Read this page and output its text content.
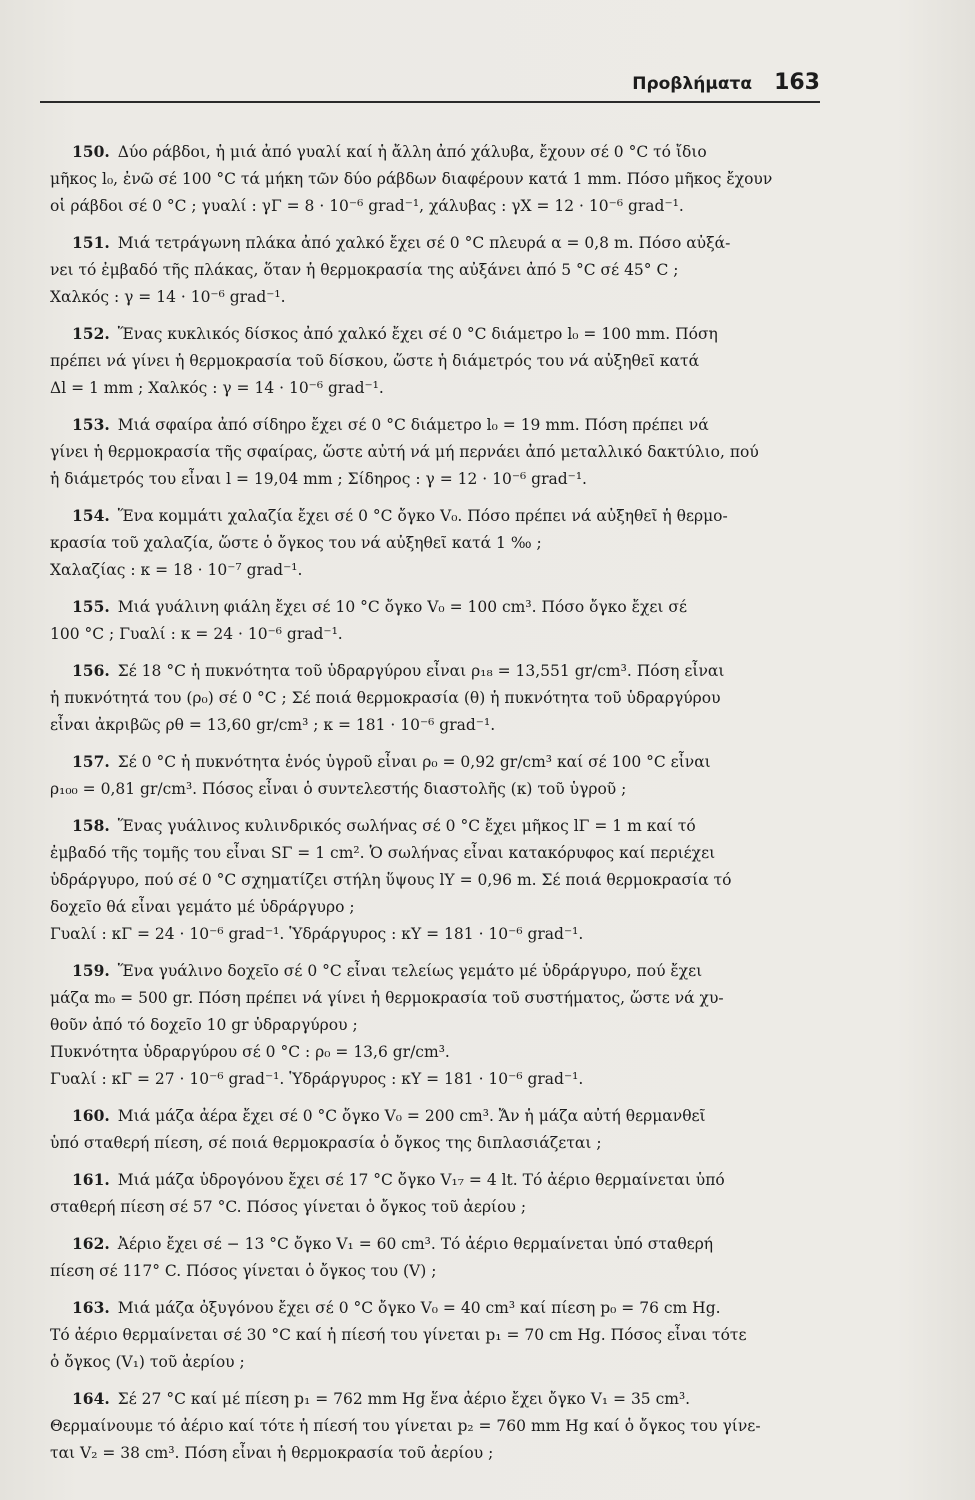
Προβλήματα 163
150. Δύο ράβδοι, ἡ μιά ἀπό γυαλί καί ἡ ἄλλη ἀπό χάλυβα, ἔχουν σέ 0 °C τό ἴδιο
μῆκος l₀, ἐνῶ σέ 100 °C τά μήκη τῶν δύο ράβδων διαφέρουν κατά 1 mm. Πόσο μῆκος ἔχουν
οἱ ράβδοι σέ 0 °C ; γυαλί : γΓ = 8 · 10⁻⁶ grad⁻¹, χάλυβας : γΧ = 12 · 10⁻⁶ grad⁻¹.
151. Μιά τετράγωνη πλάκα ἀπό χαλκό ἔχει σέ 0 °C πλευρά α = 0,8 m. Πόσο αὐξά-
νει τό ἐμβαδό τῆς πλάκας, ὅταν ἡ θερμοκρασία της αὐξάνει ἀπό 5 °C σέ 45° C ;
Χαλκός : γ = 14 · 10⁻⁶ grad⁻¹.
152. Ἕνας κυκλικός δίσκος ἀπό χαλκό ἔχει σέ 0 °C διάμετρο l₀ = 100 mm. Πόση
πρέπει νά γίνει ἡ θερμοκρασία τοῦ δίσκου, ὥστε ἡ διάμετρός του νά αὐξηθεῖ κατά
Δl = 1 mm ; Χαλκός : γ = 14 · 10⁻⁶ grad⁻¹.
153. Μιά σφαίρα ἀπό σίδηρο ἔχει σέ 0 °C διάμετρο l₀ = 19 mm. Πόση πρέπει νά
γίνει ἡ θερμοκρασία τῆς σφαίρας, ὥστε αὐτή νά μή περνάει ἀπό μεταλλικό δακτύλιο, πού
ἡ διάμετρός του εἶναι l = 19,04 mm ; Σίδηρος : γ = 12 · 10⁻⁶ grad⁻¹.
154. Ἕνα κομμάτι χαλαζία ἔχει σέ 0 °C ὄγκο V₀. Πόσο πρέπει νά αὐξηθεῖ ἡ θερμο-
κρασία τοῦ χαλαζία, ὥστε ὁ ὄγκος του νά αὐξηθεῖ κατά 1 ‰ ;
Χαλαζίας : κ = 18 · 10⁻⁷ grad⁻¹.
155. Μιά γυάλινη φιάλη ἔχει σέ 10 °C ὄγκο V₀ = 100 cm³. Πόσο ὄγκο ἔχει σέ
100 °C ; Γυαλί : κ = 24 · 10⁻⁶ grad⁻¹.
156. Σέ 18 °C ἡ πυκνότητα τοῦ ὑδραργύρου εἶναι ρ₁₈ = 13,551 gr/cm³. Πόση εἶναι
ἡ πυκνότητά του (ρ₀) σέ 0 °C ; Σέ ποιά θερμοκρασία (θ) ἡ πυκνότητα τοῦ ὑδραργύρου
εἶναι ἀκριβῶς ρθ = 13,60 gr/cm³ ; κ = 181 · 10⁻⁶ grad⁻¹.
157. Σέ 0 °C ἡ πυκνότητα ἑνός ὑγροῦ εἶναι ρ₀ = 0,92 gr/cm³ καί σέ 100 °C εἶναι
ρ₁₀₀ = 0,81 gr/cm³. Πόσος εἶναι ὁ συντελεστής διαστολῆς (κ) τοῦ ὑγροῦ ;
158. Ἕνας γυάλινος κυλινδρικός σωλήνας σέ 0 °C ἔχει μῆκος lΓ = 1 m καί τό
ἐμβαδό τῆς τομῆς του εἶναι SΓ = 1 cm². Ὁ σωλήνας εἶναι κατακόρυφος καί περιέχει
ὑδράργυρο, πού σέ 0 °C σχηματίζει στήλη ὕψους lΥ = 0,96 m. Σέ ποιά θερμοκρασία τό
δοχεῖο θά εἶναι γεμάτο μέ ὑδράργυρο ;
Γυαλί : κΓ = 24 · 10⁻⁶ grad⁻¹. Ὑδράργυρος : κΥ = 181 · 10⁻⁶ grad⁻¹.
159. Ἕνα γυάλινο δοχεῖο σέ 0 °C εἶναι τελείως γεμάτο μέ ὑδράργυρο, πού ἔχει
μάζα m₀ = 500 gr. Πόση πρέπει νά γίνει ἡ θερμοκρασία τοῦ συστήματος, ὥστε νά χυ-
θοῦν ἀπό τό δοχεῖο 10 gr ὑδραργύρου ;
Πυκνότητα ὑδραργύρου σέ 0 °C : ρ₀ = 13,6 gr/cm³.
Γυαλί : κΓ = 27 · 10⁻⁶ grad⁻¹. Ὑδράργυρος : κΥ = 181 · 10⁻⁶ grad⁻¹.
160. Μιά μάζα ἀέρα ἔχει σέ 0 °C ὄγκο V₀ = 200 cm³. Ἄν ἡ μάζα αὐτή θερμανθεῖ
ὑπό σταθερή πίεση, σέ ποιά θερμοκρασία ὁ ὄγκος της διπλασιάζεται ;
161. Μιά μάζα ὑδρογόνου ἔχει σέ 17 °C ὄγκο V₁₇ = 4 lt. Τό ἀέριο θερμαίνεται ὑπό
σταθερή πίεση σέ 57 °C. Πόσος γίνεται ὁ ὄγκος τοῦ ἀερίου ;
162. Ἀέριο ἔχει σέ − 13 °C ὄγκο V₁ = 60 cm³. Τό ἀέριο θερμαίνεται ὑπό σταθερή
πίεση σέ 117° C. Πόσος γίνεται ὁ ὄγκος του (V) ;
163. Μιά μάζα ὀξυγόνου ἔχει σέ 0 °C ὄγκο V₀ = 40 cm³ καί πίεση p₀ = 76 cm Hg.
Τό ἀέριο θερμαίνεται σέ 30 °C καί ἡ πίεσή του γίνεται p₁ = 70 cm Hg. Πόσος εἶναι τότε
ὁ ὄγκος (V₁) τοῦ ἀερίου ;
164. Σέ 27 °C καί μέ πίεση p₁ = 762 mm Hg ἕνα ἀέριο ἔχει ὄγκο V₁ = 35 cm³.
Θερμαίνουμε τό ἀέριο καί τότε ἡ πίεσή του γίνεται p₂ = 760 mm Hg καί ὁ ὄγκος του γίνε-
ται V₂ = 38 cm³. Πόση εἶναι ἡ θερμοκρασία τοῦ ἀερίου ;
